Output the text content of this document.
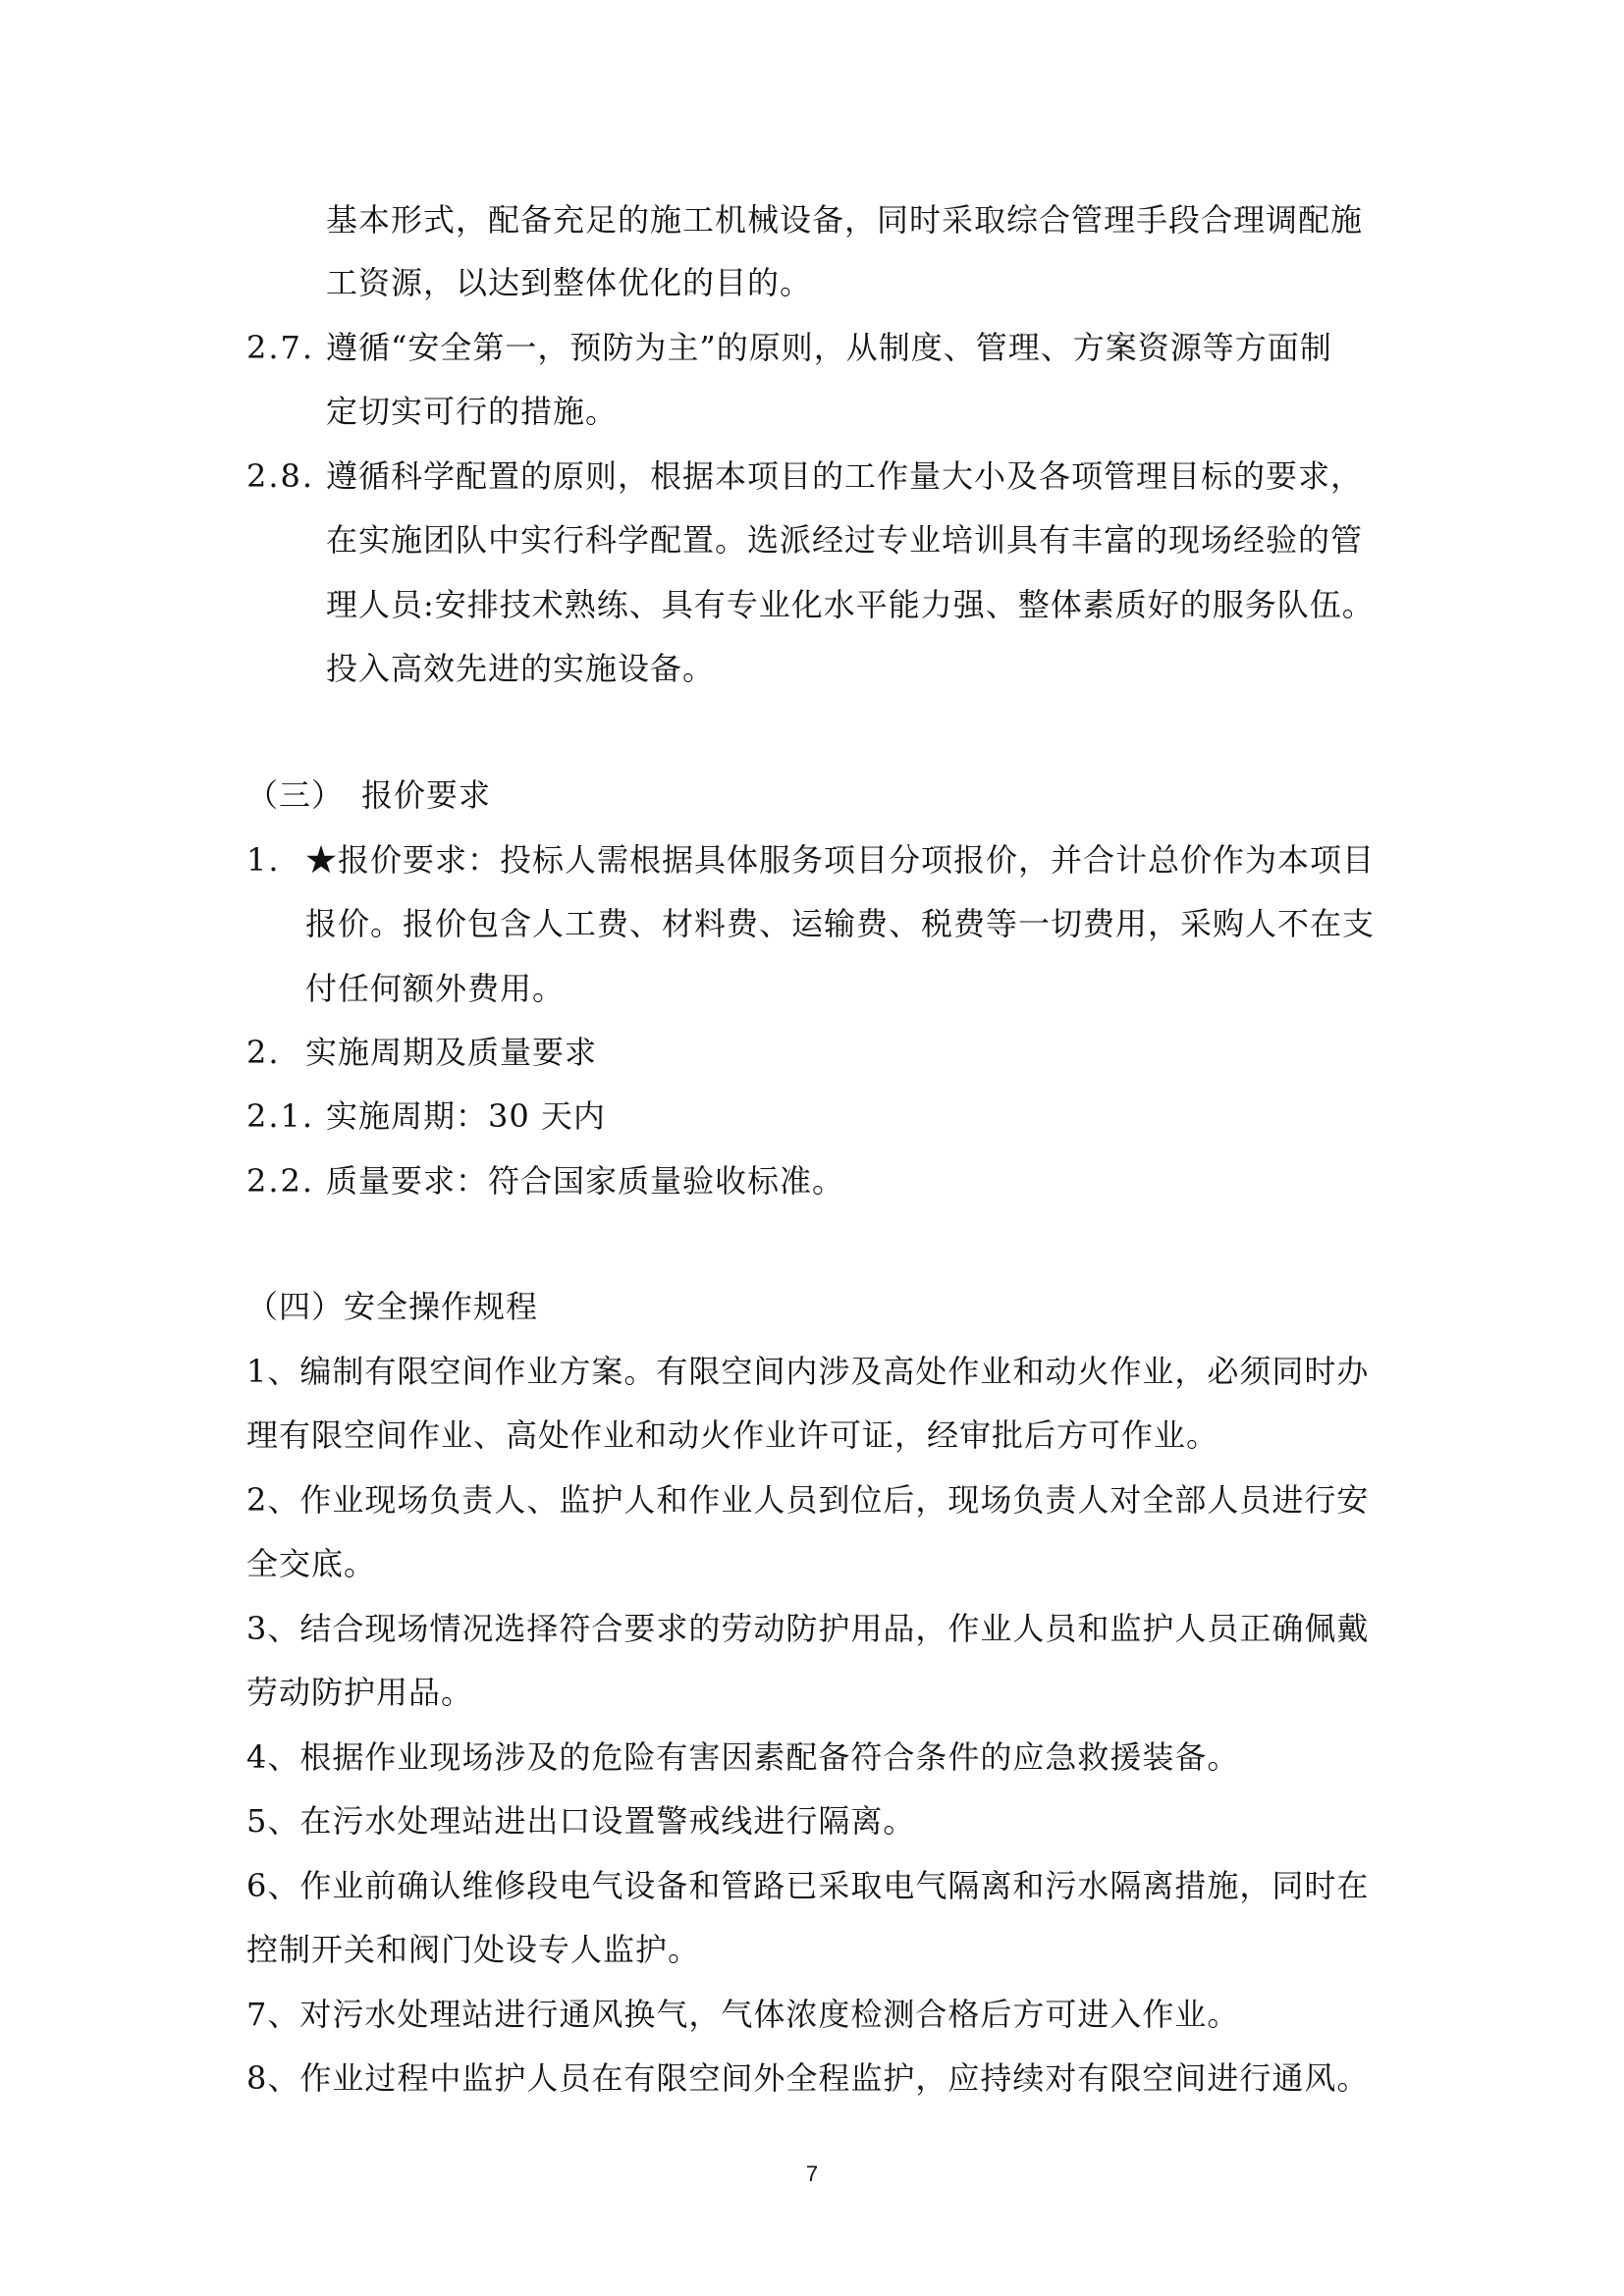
基本形式，配备充足的施工机械设备，同时采取综合管理手段合理调配施
工资源，以达到整体优化的目的。
2.7. 遵循“安全第一，预防为主”的原则，从制度、管理、方案资源等方面制
定切实可行的措施。
2.8. 遵循科学配置的原则，根据本项目的工作量大小及各项管理目标的要求，
在实施团队中实行科学配置。选派经过专业培训具有丰富的现场经验的管
理人员:安排技术熟练、具有专业化水平能力强、整体素质好的服务队伍。
投入高效先进的实施设备。
（三） 报价要求
1. ★报价要求：投标人需根据具体服务项目分项报价，并合计总价作为本项目
报价。报价包含人工费、材料费、运输费、税费等一切费用，采购人不在支
付任何额外费用。
2. 实施周期及质量要求
2.1. 实施周期：30 天内
2.2. 质量要求：符合国家质量验收标准。
（四）安全操作规程
1、编制有限空间作业方案。有限空间内涉及高处作业和动火作业，必须同时办
理有限空间作业、高处作业和动火作业许可证，经审批后方可作业。
2、作业现场负责人、监护人和作业人员到位后，现场负责人对全部人员进行安
全交底。
3、结合现场情况选择符合要求的劳动防护用品，作业人员和监护人员正确佩戴
劳动防护用品。
4、根据作业现场涉及的危险有害因素配备符合条件的应急救援装备。
5、在污水处理站进出口设置警戒线进行隔离。
6、作业前确认维修段电气设备和管路已采取电气隔离和污水隔离措施，同时在
控制开关和阀门处设专人监护。
7、对污水处理站进行通风换气，气体浓度检测合格后方可进入作业。
8、作业过程中监护人员在有限空间外全程监护，应持续对有限空间进行通风。
7
